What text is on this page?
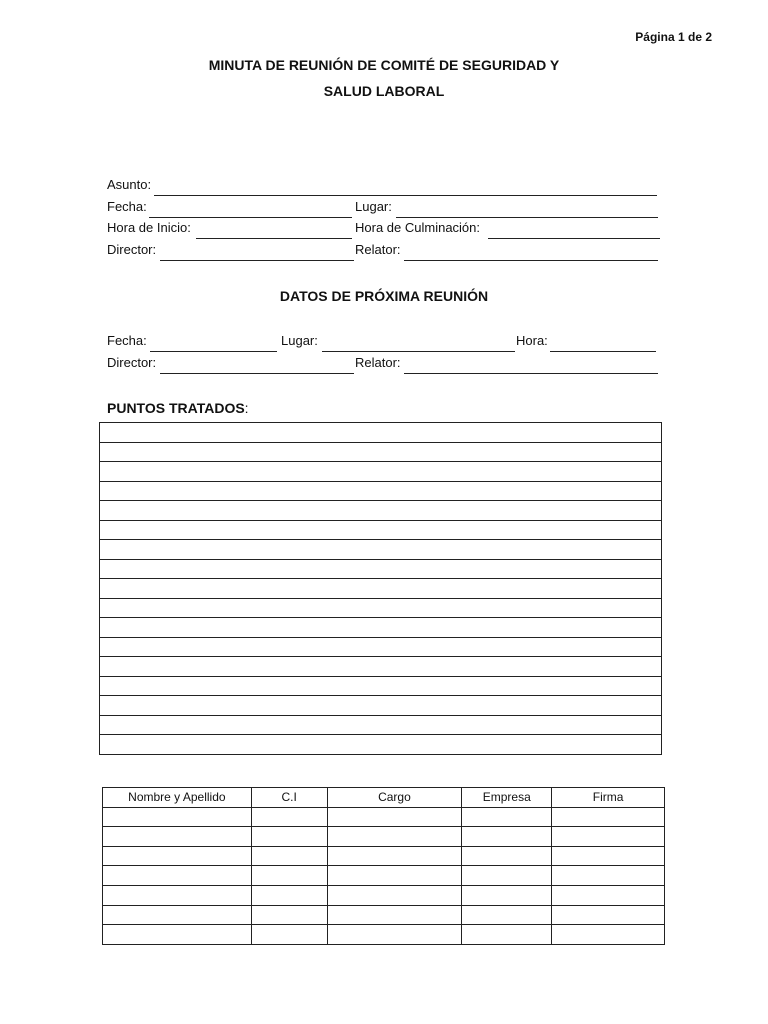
Página 1 de 2
MINUTA DE REUNIÓN DE COMITÉ DE SEGURIDAD Y
SALUD LABORAL
Asunto:
Fecha:	Lugar:
Hora de Inicio:	Hora de Culminación:
Director:	Relator:
DATOS DE PRÓXIMA REUNIÓN
Fecha:	Lugar:	Hora:
Director:	Relator:
PUNTOS TRATADOS:

Nombre y Apellido	C.I	Cargo	Empresa	Firma
